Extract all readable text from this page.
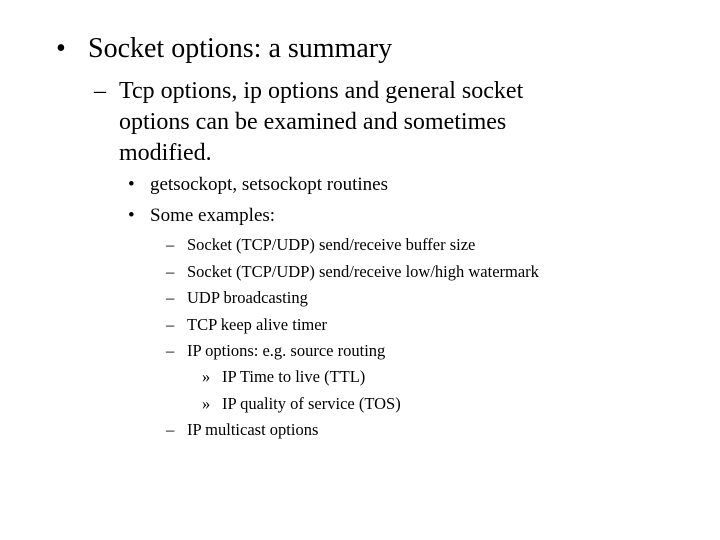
• Socket options: a summary
– Tcp options, ip options and general socket
options can be examined and sometimes
modified.
• getsockopt, setsockopt routines
• Some examples:
– Socket (TCP/UDP) send/receive buffer size
– Socket (TCP/UDP) send/receive low/high watermark
– UDP broadcasting
– TCP keep alive timer
– IP options: e.g. source routing
» IP Time to live (TTL)
» IP quality of service (TOS)
– IP multicast options
